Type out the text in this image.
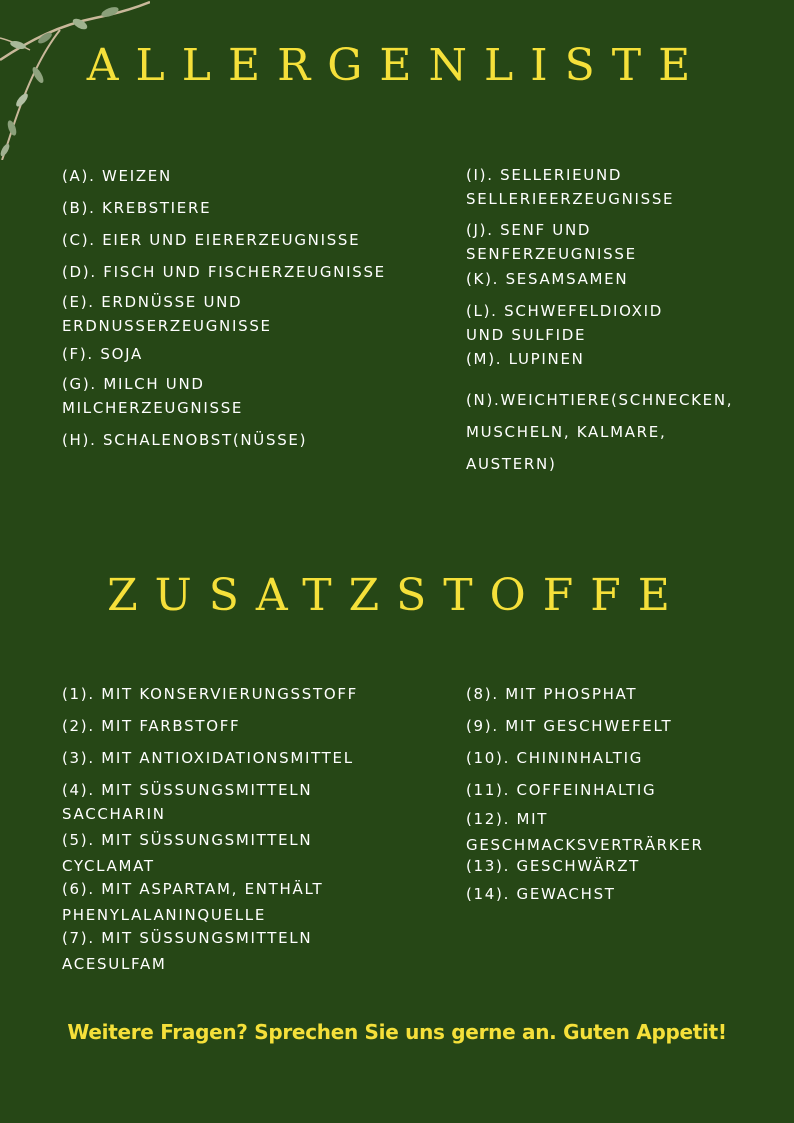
ALLERGENLISTE
(A). WEIZEN
(B). KREBSTIERE
(C). EIER UND EIERERZEUGNISSE
(D). FISCH UND FISCHERZEUGNISSE
(E). ERDNÜSSE UND
ERDNUSSERZEUGNISSE
(F). SOJA
(G). MILCH UND
MILCHERZEUGNISSE
(H). SCHALENOBST(NÜSSE)
(I). SELLERIEUND
SELLERIEERZEUGNISSE
(J). SENF UND
SENFERZEUGNISSE
(K). SESAMSAMEN
(L). SCHWEFELDIOXID
UND SULFIDE
(M). LUPINEN
(N).WEICHTIERE(SCHNECKEN,
MUSCHELN, KALMARE,
AUSTERN)
ZUSATZSTOFFE
(1). MIT KONSERVIERUNGSSTOFF
(2). MIT FARBSTOFF
(3). MIT ANTIOXIDATIONSMITTEL
(4). MIT SÜSSUNGSMITTELN
SACCHARIN
(5). MIT SÜSSUNGSMITTELN
CYCLAMAT
(6). MIT ASPARTAM, ENTHÄLT
PHENYLALANINQUELLE
(7). MIT SÜSSUNGSMITTELN
ACESULFAM
(8). MIT PHOSPHAT
(9). MIT GESCHWEFELT
(10). CHININHALTIG
(11). COFFEINHALTIG
(12). MIT
GESCHMACKSVERTRÄRKER
(13). GESCHWÄRZT
(14). GEWACHST
Weitere Fragen? Sprechen Sie uns gerne an. Guten Appetit!
